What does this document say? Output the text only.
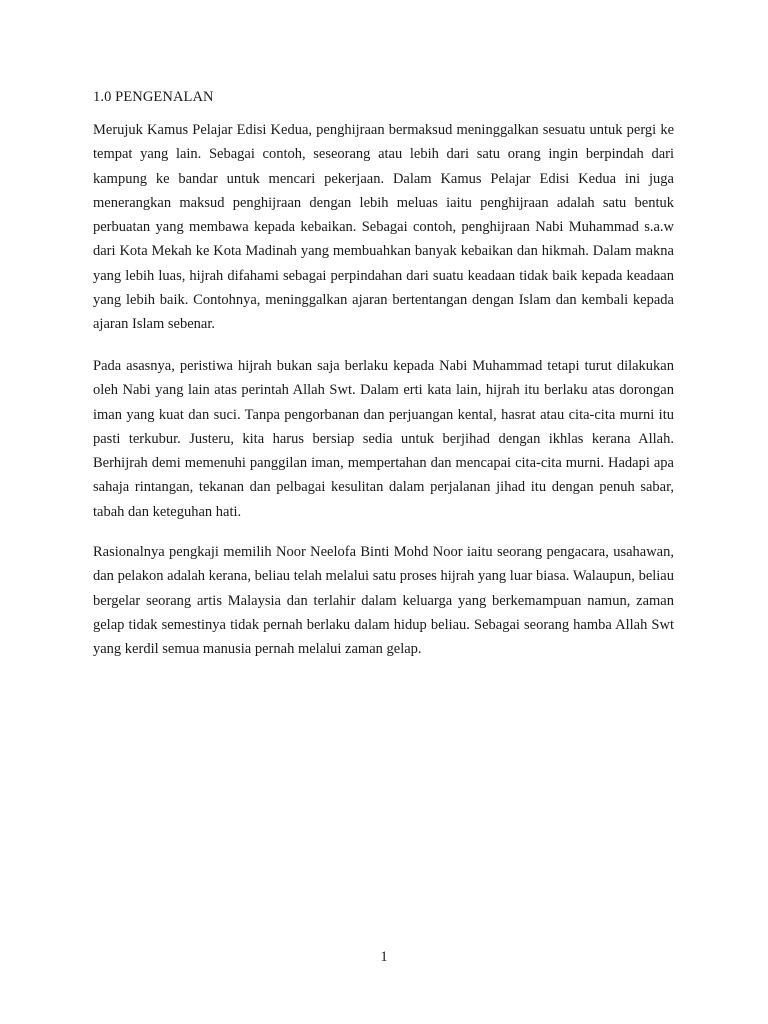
1.0 PENGENALAN

Merujuk Kamus Pelajar Edisi Kedua, penghijraan bermaksud meninggalkan sesuatu untuk pergi ke tempat yang lain. Sebagai contoh, seseorang atau lebih dari satu orang ingin berpindah dari kampung ke bandar untuk mencari pekerjaan. Dalam Kamus Pelajar Edisi Kedua ini juga menerangkan maksud penghijraan dengan lebih meluas iaitu penghijraan adalah satu bentuk perbuatan yang membawa kepada kebaikan. Sebagai contoh, penghijraan Nabi Muhammad s.a.w dari Kota Mekah ke Kota Madinah yang membuahkan banyak kebaikan dan hikmah. Dalam makna yang lebih luas, hijrah difahami sebagai perpindahan dari suatu keadaan tidak baik kepada keadaan yang lebih baik. Contohnya, meninggalkan ajaran bertentangan dengan Islam dan kembali kepada ajaran Islam sebenar.

Pada asasnya, peristiwa hijrah bukan saja berlaku kepada Nabi Muhammad tetapi turut dilakukan oleh Nabi yang lain atas perintah Allah Swt. Dalam erti kata lain, hijrah itu berlaku atas dorongan iman yang kuat dan suci. Tanpa pengorbanan dan perjuangan kental, hasrat atau cita-cita murni itu pasti terkubur. Justeru, kita harus bersiap sedia untuk berjihad dengan ikhlas kerana Allah. Berhijrah demi memenuhi panggilan iman, mempertahan dan mencapai cita-cita murni. Hadapi apa sahaja rintangan, tekanan dan pelbagai kesulitan dalam perjalanan jihad itu dengan penuh sabar, tabah dan keteguhan hati.

Rasionalnya pengkaji memilih Noor Neelofa Binti Mohd Noor iaitu seorang pengacara, usahawan, dan pelakon adalah kerana, beliau telah melalui satu proses hijrah yang luar biasa. Walaupun, beliau bergelar seorang artis Malaysia dan terlahir dalam keluarga yang berkemampuan namun, zaman gelap tidak semestinya tidak pernah berlaku dalam hidup beliau. Sebagai seorang hamba Allah Swt yang kerdil semua manusia pernah melalui zaman gelap.

1
